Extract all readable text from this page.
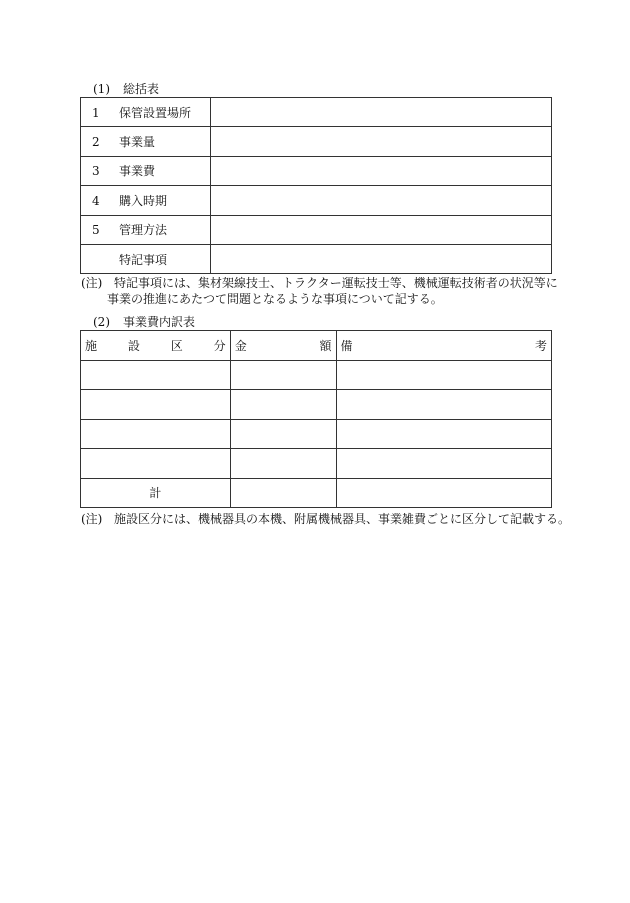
(1) 総括表
1 保管設置場所	
2 事業量	
3 事業費	
4 購入時期	
5 管理方法	
特記事項	
(注) 特記事項には、集材架線技士、トラクター運転技士等、機械運転技術者の状況等に
事業の推進にあたつて問題となるような事項について記する。
(2) 事業費内訳表
施 設 区 分	金 額	備 考

計		
(注) 施設区分には、機械器具の本機、附属機械器具、事業雑費ごとに区分して記載する。
